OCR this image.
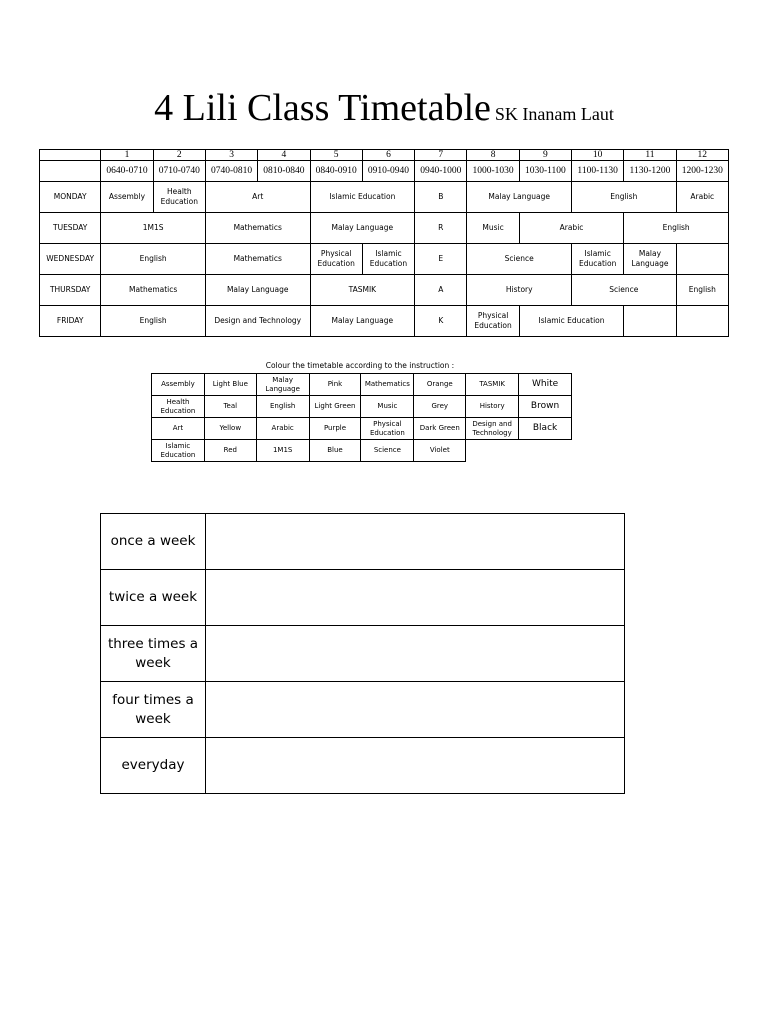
4 Lili Class Timetable SK Inanam Laut
	1	2	3	4	5	6	7	8	9	10	11	12
	0640-0710	0710-0740	0740-0810	0810-0840	0840-0910	0910-0940	0940-1000	1000-1030	1030-1100	1100-1130	1130-1200	1200-1230
MONDAY	Assembly	Health Education	Art		Islamic Education		B	Malay Language		English		Arabic
TUESDAY	1M1S		Mathematics		Malay Language		R	Music	Arabic		English	
WEDNESDAY	English		Mathematics		Physical Education	Islamic Education	E	Science		Islamic Education	Malay Language	
THURSDAY	Mathematics		Malay Language		TASMIK		A	History		Science		English
FRIDAY	English		Design and Technology		Malay Language		K	Physical Education	Islamic Education			
Colour the timetable according to the instruction :
Assembly	Light Blue	Malay Language	Pink	Mathematics	Orange	TASMIK	White
Health Education	Teal	English	Light Green	Music	Grey	History	Brown
Art	Yellow	Arabic	Purple	Physical Education	Dark Green	Design and Technology	Black
Islamic Education	Red	1M1S	Blue	Science	Violet		
once a week	
twice a week	
three times a week	
four times a week	
everyday	
